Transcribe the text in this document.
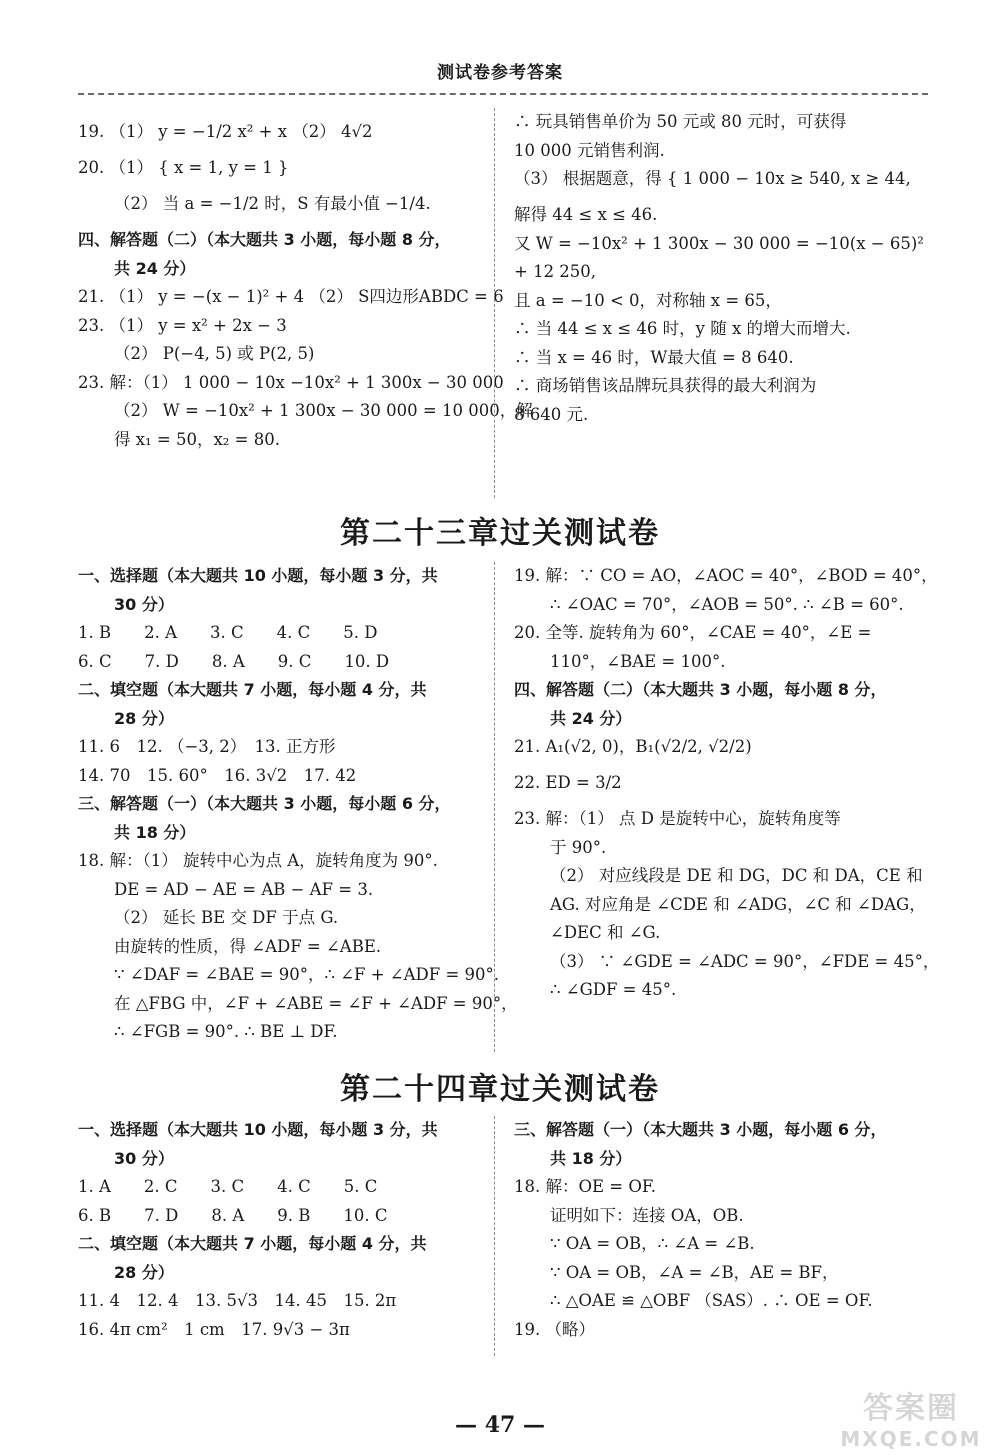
测试卷参考答案
19. （1） y = −1/2 x² + x （2） 4√2
20. （1） { x = 1, y = 1 }
（2） 当 a = −1/2 时，S 有最小值 −1/4.
四、解答题（二）（本大题共 3 小题，每小题 8 分，
共 24 分）
21. （1） y = −(x − 1)² + 4 （2） S四边形ABDC = 6
23. （1） y = x² + 2x − 3
（2） P(−4, 5) 或 P(2, 5)
23. 解：（1） 1 000 − 10x −10x² + 1 300x − 30 000
（2） W = −10x² + 1 300x − 30 000 = 10 000，解
得 x₁ = 50，x₂ = 80.
∴ 玩具销售单价为 50 元或 80 元时，可获得
10 000 元销售利润.
（3） 根据题意，得 { 1 000 − 10x ≥ 540, x ≥ 44,
解得 44 ≤ x ≤ 46.
又 W = −10x² + 1 300x − 30 000 = −10(x − 65)²
+ 12 250,
且 a = −10 < 0，对称轴 x = 65，
∴ 当 44 ≤ x ≤ 46 时，y 随 x 的增大而增大.
∴ 当 x = 46 时，W最大值 = 8 640.
∴ 商场销售该品牌玩具获得的最大利润为
8 640 元.
第二十三章过关测试卷
一、选择题（本大题共 10 小题，每小题 3 分，共
30 分）
1. B　　2. A　　3. C　　4. C　　5. D
6. C　　7. D　　8. A　　9. C　　10. D
二、填空题（本大题共 7 小题，每小题 4 分，共
28 分）
11. 6　12. （−3, 2）　13. 正方形
14. 70　15. 60°　16. 3√2　17. 42
三、解答题（一）（本大题共 3 小题，每小题 6 分，
共 18 分）
18. 解：（1） 旋转中心为点 A，旋转角度为 90°.
DE = AD − AE = AB − AF = 3.
（2） 延长 BE 交 DF 于点 G.
由旋转的性质，得 ∠ADF = ∠ABE.
∵ ∠DAF = ∠BAE = 90°，∴ ∠F + ∠ADF = 90°.
在 △FBG 中，∠F + ∠ABE = ∠F + ∠ADF = 90°，
∴ ∠FGB = 90°. ∴ BE ⊥ DF.
19. 解：∵ CO = AO，∠AOC = 40°，∠BOD = 40°，
∴ ∠OAC = 70°，∠AOB = 50°. ∴ ∠B = 60°.
20. 全等. 旋转角为 60°，∠CAE = 40°，∠E =
110°，∠BAE = 100°.
四、解答题（二）（本大题共 3 小题，每小题 8 分，
共 24 分）
21. A₁(√2, 0)，B₁(√2/2, √2/2)
22. ED = 3/2
23. 解：（1） 点 D 是旋转中心，旋转角度等
于 90°.
（2） 对应线段是 DE 和 DG，DC 和 DA，CE 和
AG. 对应角是 ∠CDE 和 ∠ADG，∠C 和 ∠DAG，
∠DEC 和 ∠G.
（3） ∵ ∠GDE = ∠ADC = 90°，∠FDE = 45°，
∴ ∠GDF = 45°.
第二十四章过关测试卷
一、选择题（本大题共 10 小题，每小题 3 分，共
30 分）
1. A　　2. C　　3. C　　4. C　　5. C
6. B　　7. D　　8. A　　9. B　　10. C
二、填空题（本大题共 7 小题，每小题 4 分，共
28 分）
11. 4　12. 4　13. 5√3　14. 45　15. 2π
16. 4π cm²　1 cm　17. 9√3 − 3π
三、解答题（一）（本大题共 3 小题，每小题 6 分，
共 18 分）
18. 解：OE = OF.
证明如下：连接 OA，OB.
∵ OA = OB，∴ ∠A = ∠B.
∵ OA = OB，∠A = ∠B，AE = BF，
∴ △OAE ≌ △OBF （SAS）. ∴ OE = OF.
19. （略）
— 47 —	答案圈
MXQE.COM
